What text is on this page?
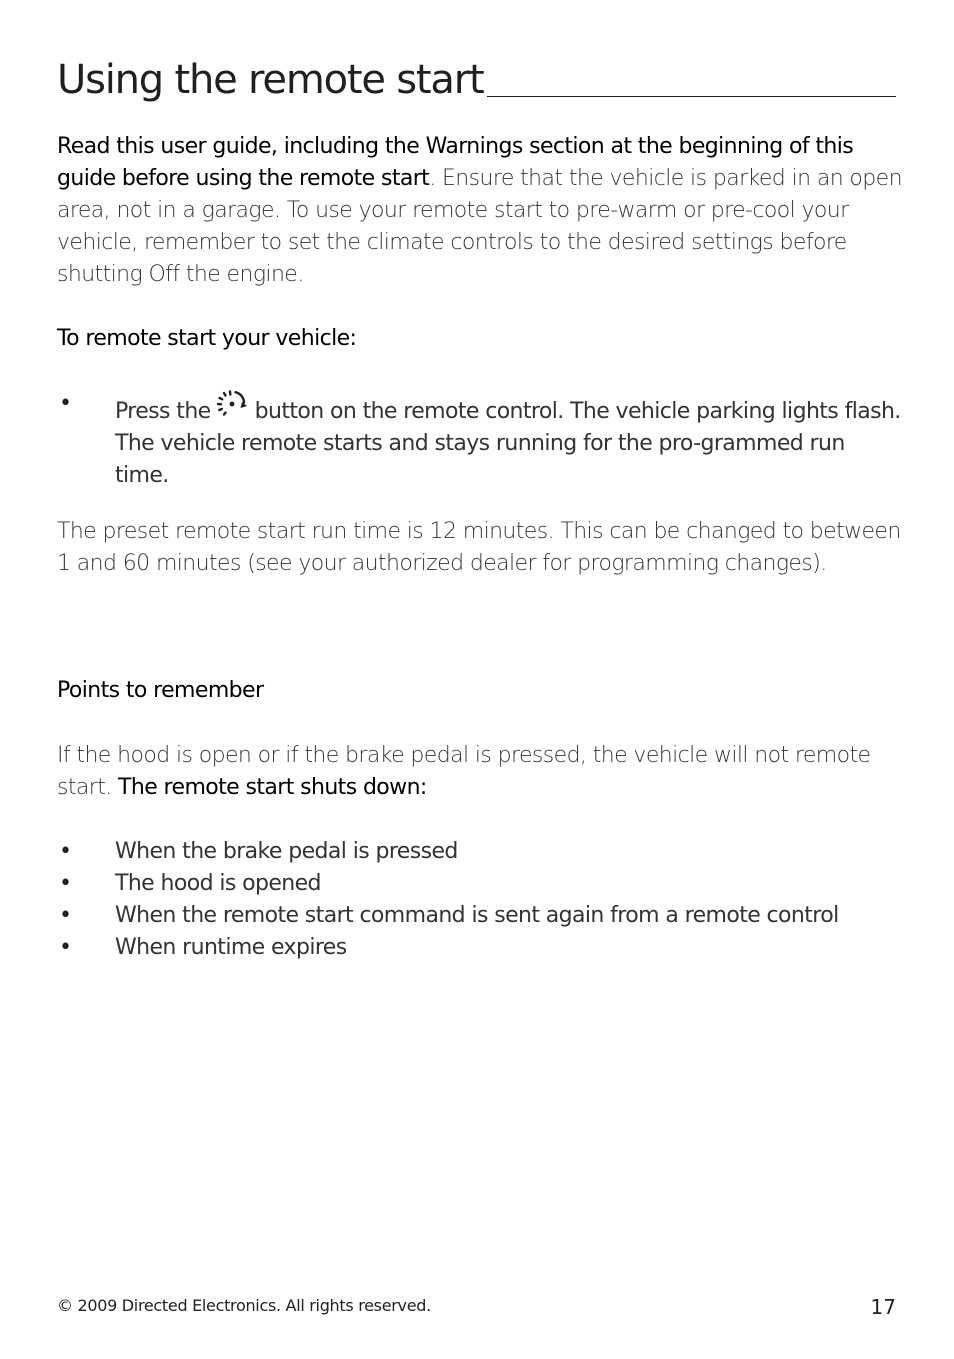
Using the remote start

Read this user guide, including the Warnings section at the beginning of this guide before using the remote start. Ensure that the vehicle is parked in an open area, not in a garage. To use your remote start to pre-warm or pre-cool your vehicle, remember to set the climate controls to the desired settings before shutting Off the engine.

To remote start your vehicle:

• Press the button on the remote control. The vehicle parking lights flash. The vehicle remote starts and stays running for the pro-grammed run time.

The preset remote start run time is 12 minutes. This can be changed to between 1 and 60 minutes (see your authorized dealer for programming changes).

Points to remember

If the hood is open or if the brake pedal is pressed, the vehicle will not remote start. The remote start shuts down:

• When the brake pedal is pressed
• The hood is opened
• When the remote start command is sent again from a remote control
• When runtime expires
© 2009 Directed Electronics. All rights reserved.	17
